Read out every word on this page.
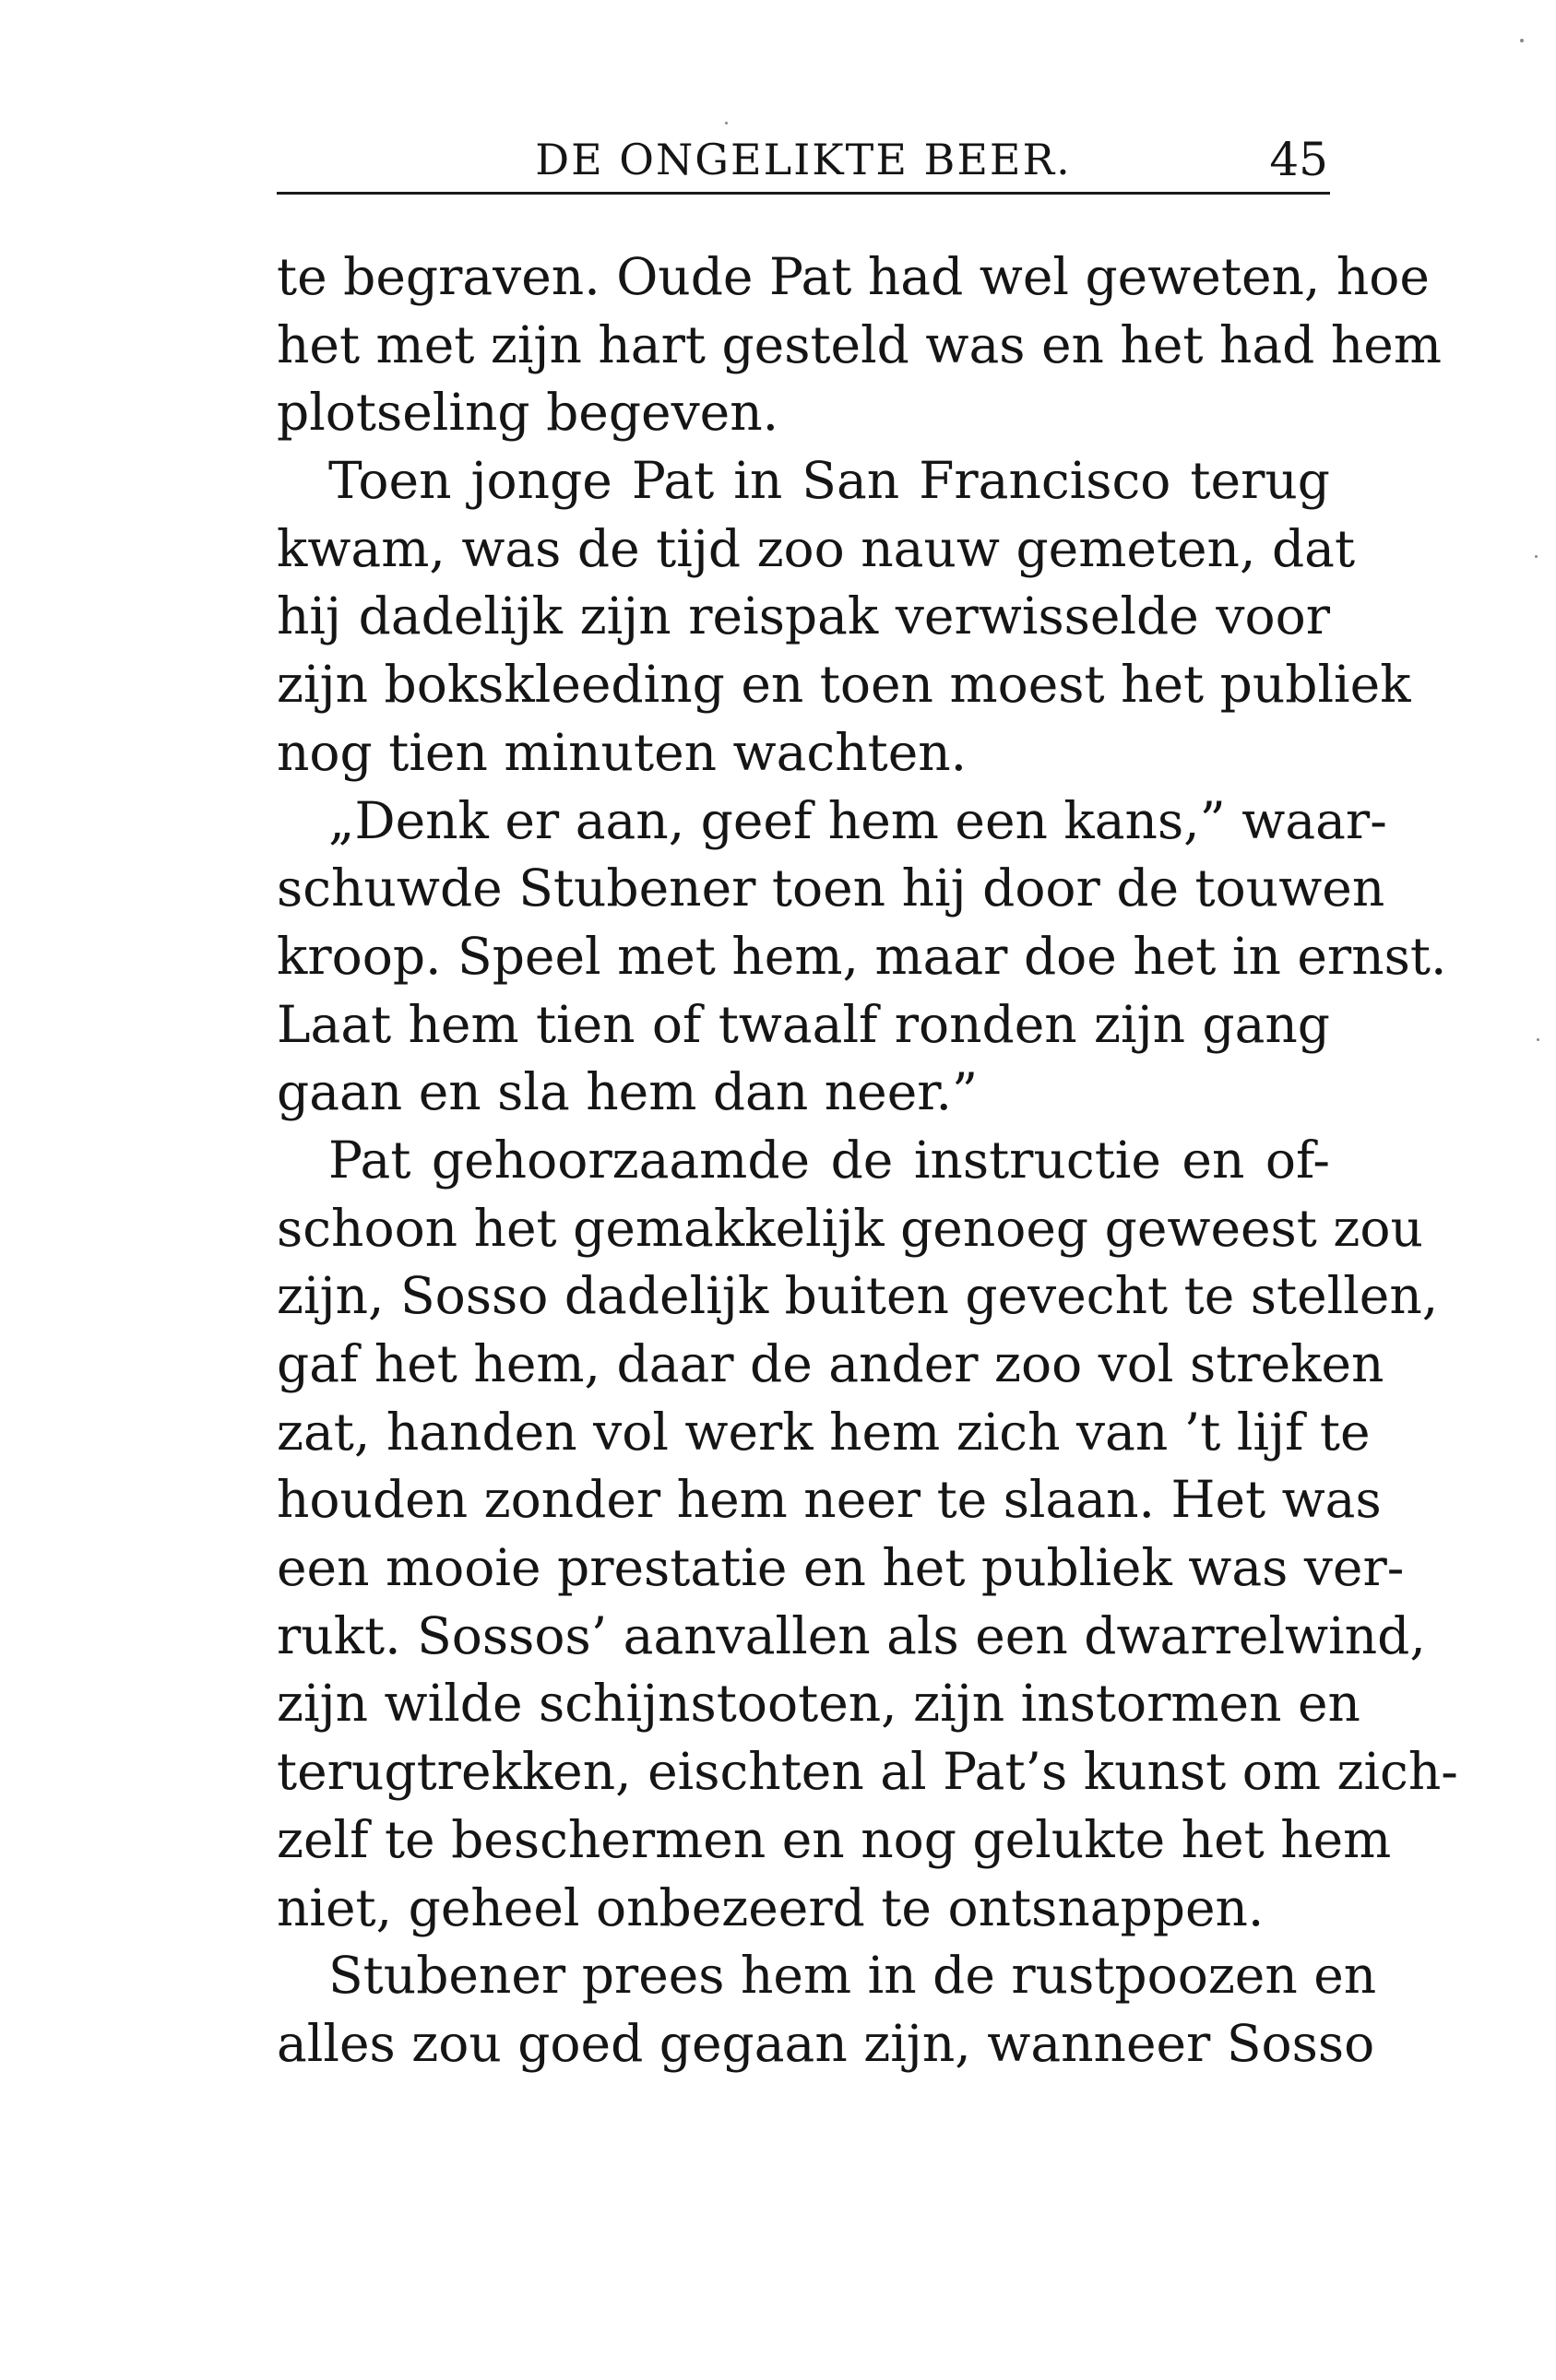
DE ONGELIKTE BEER.	45
te begraven. Oude Pat had wel geweten, hoe
het met zijn hart gesteld was en het had hem
plotseling begeven.
Toen jonge Pat in San Francisco terug
kwam, was de tijd zoo nauw gemeten, dat
hij dadelijk zijn reispak verwisselde voor
zijn bokskleeding en toen moest het publiek
nog tien minuten wachten.
„Denk er aan, geef hem een kans,” waar-
schuwde Stubener toen hij door de touwen
kroop. Speel met hem, maar doe het in ernst.
Laat hem tien of twaalf ronden zijn gang
gaan en sla hem dan neer.”
Pat gehoorzaamde de instructie en of-
schoon het gemakkelijk genoeg geweest zou
zijn, Sosso dadelijk buiten gevecht te stellen,
gaf het hem, daar de ander zoo vol streken
zat, handen vol werk hem zich van ’t lijf te
houden zonder hem neer te slaan. Het was
een mooie prestatie en het publiek was ver-
rukt. Sossos’ aanvallen als een dwarrelwind,
zijn wilde schijnstooten, zijn instormen en
terugtrekken, eischten al Pat’s kunst om zich-
zelf te beschermen en nog gelukte het hem
niet, geheel onbezeerd te ontsnappen.
Stubener prees hem in de rustpoozen en
alles zou goed gegaan zijn, wanneer Sosso
